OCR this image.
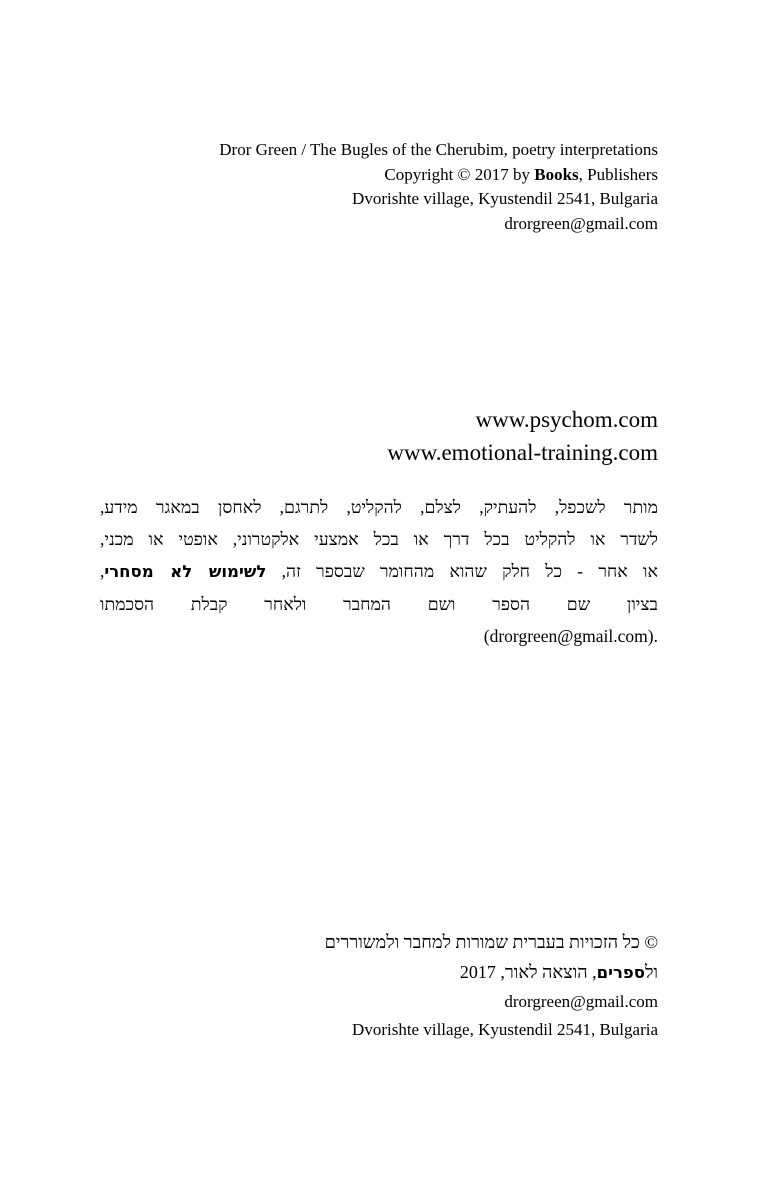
Dror Green / The Bugles of the Cherubim, poetry interpretations
Copyright © 2017 by Books, Publishers
Dvorishte village, Kyustendil 2541, Bulgaria
drorgreen@gmail.com
www.psychom.com
www.emotional-training.com
מותר לשכפל, להעתיק, לצלם, להקליט, לתרגם, לאחסן במאגר מידע,
לשדר או להקליט בכל דרך או בכל אמצעי אלקטרוני, אופטי או מכני,
או אחר - כל חלק שהוא מהחומר שבספר זה, לשימוש לא מסחרי,
בציון שם הספר ושם המחבר ולאחר קבלת הסכמתו
(drorgreen@gmail.com).
© כל הזכויות בעברית שמורות למחבר ולמשוררים
ולספרים, הוצאה לאור, 2017
drorgreen@gmail.com
Dvorishte village, Kyustendil 2541, Bulgaria
